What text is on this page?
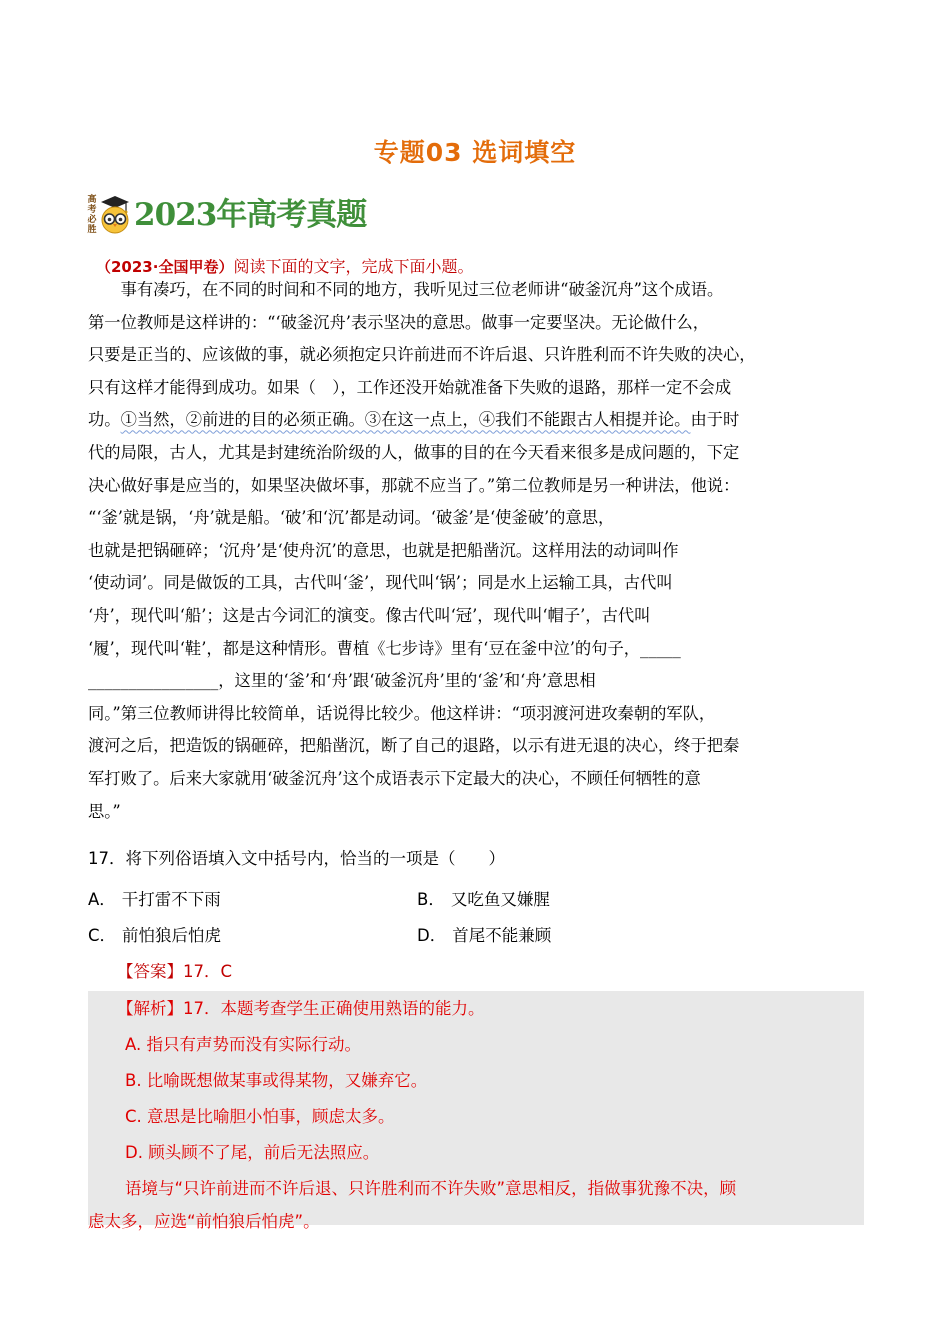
专题03 选词填空
高考必胜 2023年高考真题
（2023·全国甲卷）阅读下面的文字，完成下面小题。
　　事有凑巧，在不同的时间和不同的地方，我听见过三位老师讲“破釜沉舟”这个成语。
第一位教师是这样讲的：“‘破釜沉舟’表示坚决的意思。做事一定要坚决。无论做什么，
只要是正当的、应该做的事，就必须抱定只许前进而不许后退、只许胜利而不许失败的决心，
只有这样才能得到成功。如果（　），工作还没开始就准备下失败的退路，那样一定不会成
功。①当然，②前进的目的必须正确。③在这一点上，④我们不能跟古人相提并论。由于时
代的局限，古人，尤其是封建统治阶级的人，做事的目的在今天看来很多是成问题的，下定
决心做好事是应当的，如果坚决做坏事，那就不应当了。”第二位教师是另一种讲法，他说：
“‘釜’就是锅，‘舟’就是船。‘破’和‘沉’都是动词。‘破釜’是‘使釜破’的意思，
也就是把锅砸碎；‘沉舟’是‘使舟沉’的意思，也就是把船凿沉。这样用法的动词叫作
‘使动词’。同是做饭的工具，古代叫‘釜’，现代叫‘锅’；同是水上运输工具，古代叫
‘舟’，现代叫‘船’；这是古今词汇的演变。像古代叫‘冠’，现代叫‘帽子’，古代叫
‘履’，现代叫‘鞋’，都是这种情形。曹植《七步诗》里有‘豆在釜中泣’的句子，_____
________________，这里的‘釜’和‘舟’跟‘破釜沉舟’里的‘釜’和‘舟’意思相
同。”第三位教师讲得比较简单，话说得比较少。他这样讲：“项羽渡河进攻秦朝的军队，
渡河之后，把造饭的锅砸碎，把船凿沉，断了自己的退路，以示有进无退的决心，终于把秦
军打败了。后来大家就用‘破釜沉舟’这个成语表示下定最大的决心，不顾任何牺牲的意
思。”
17．将下列俗语填入文中括号内，恰当的一项是（　　）
A． 干打雷不下雨	B． 又吃鱼又嫌腥
C． 前怕狼后怕虎	D． 首尾不能兼顾
【答案】17．C
【解析】17．本题考查学生正确使用熟语的能力。
A. 指只有声势而没有实际行动。
B. 比喻既想做某事或得某物，又嫌弃它。
C. 意思是比喻胆小怕事，顾虑太多。
D. 顾头顾不了尾，前后无法照应。
语境与“只许前进而不许后退、只许胜利而不许失败”意思相反，指做事犹豫不决，顾
虑太多，应选“前怕狼后怕虎”。
